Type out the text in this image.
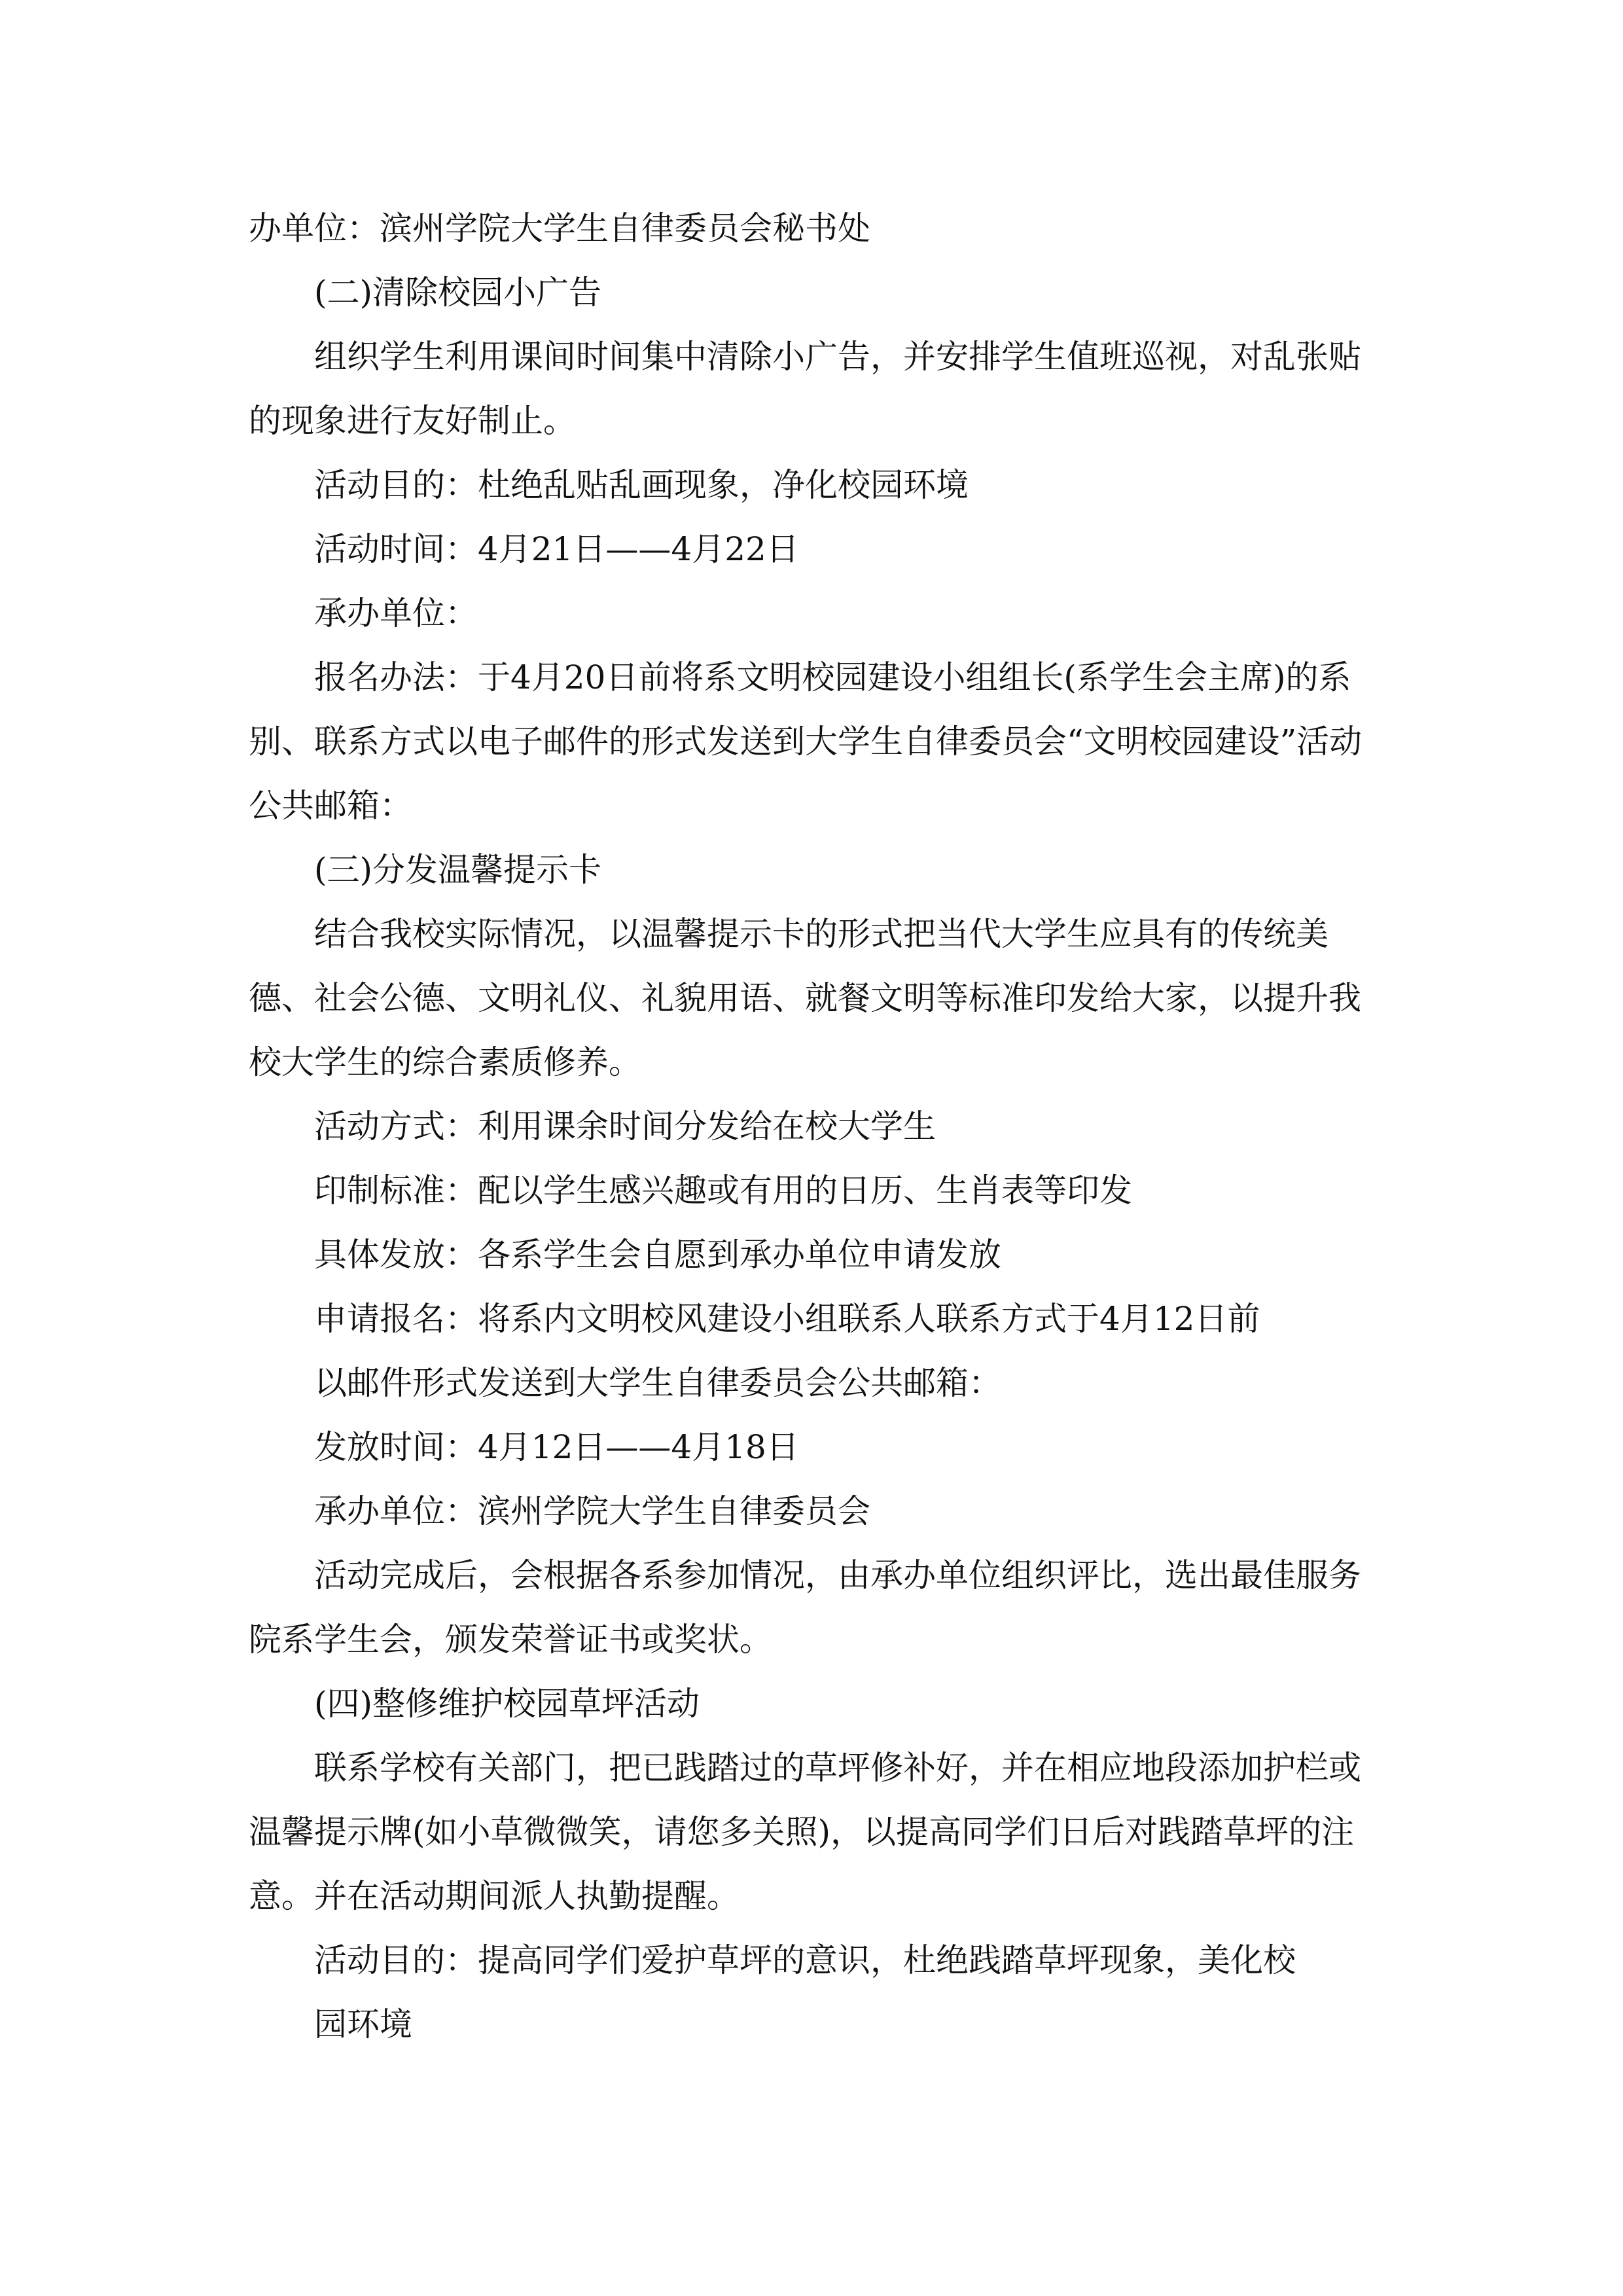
办单位：滨州学院大学生自律委员会秘书处

(二)清除校园小广告

组织学生利用课间时间集中清除小广告，并安排学生值班巡视，对乱张贴的现象进行友好制止。

活动目的：杜绝乱贴乱画现象，净化校园环境

活动时间：4月21日——4月22日

承办单位：

报名办法：于4月20日前将系文明校园建设小组组长(系学生会主席)的系别、联系方式以电子邮件的形式发送到大学生自律委员会“文明校园建设”活动公共邮箱：

(三)分发温馨提示卡

结合我校实际情况，以温馨提示卡的形式把当代大学生应具有的传统美德、社会公德、文明礼仪、礼貌用语、就餐文明等标准印发给大家，以提升我校大学生的综合素质修养。

活动方式：利用课余时间分发给在校大学生

印制标准：配以学生感兴趣或有用的日历、生肖表等印发

具体发放：各系学生会自愿到承办单位申请发放

申请报名：将系内文明校风建设小组联系人联系方式于4月12日前

以邮件形式发送到大学生自律委员会公共邮箱：

发放时间：4月12日——4月18日

承办单位：滨州学院大学生自律委员会

活动完成后，会根据各系参加情况，由承办单位组织评比，选出最佳服务院系学生会，颁发荣誉证书或奖状。

(四)整修维护校园草坪活动

联系学校有关部门，把已践踏过的草坪修补好，并在相应地段添加护栏或温馨提示牌(如小草微微笑，请您多关照)，以提高同学们日后对践踏草坪的注意。并在活动期间派人执勤提醒。

活动目的：提高同学们爱护草坪的意识，杜绝践踏草坪现象，美化校

园环境
